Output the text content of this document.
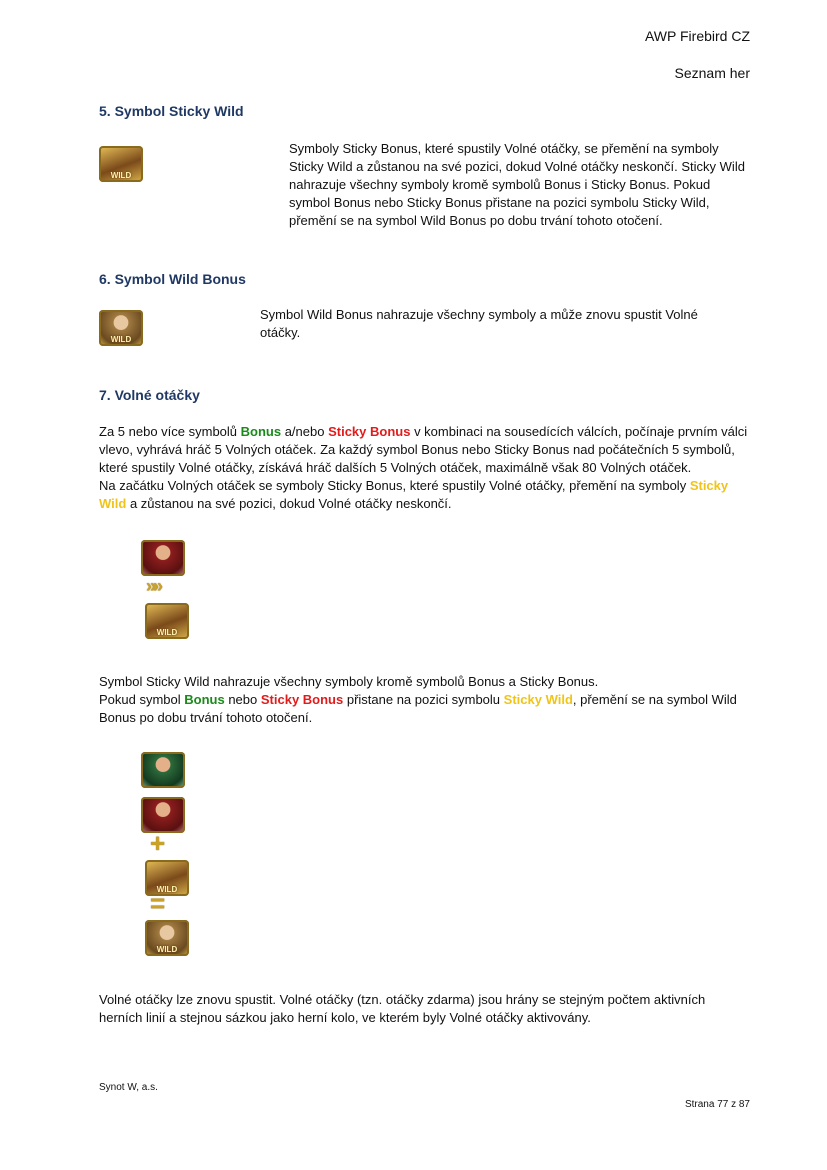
AWP Firebird CZ
Seznam her
5. Symbol Sticky Wild
WILD
Symboly Sticky Bonus, které spustily Volné otáčky, se přemění na symboly Sticky Wild a zůstanou na své pozici, dokud Volné otáčky neskončí. Sticky Wild nahrazuje všechny symboly kromě symbolů Bonus i Sticky Bonus. Pokud symbol Bonus nebo Sticky Bonus přistane na pozici symbolu Sticky Wild, přemění se na symbol Wild Bonus po dobu trvání tohoto otočení.
6. Symbol Wild Bonus
WILD
Symbol Wild Bonus nahrazuje všechny symboly a může znovu spustit Volné otáčky.
7. Volné otáčky
Za 5 nebo více symbolů Bonus a/nebo Sticky Bonus v kombinaci na sousedících válcích, počínaje prvním válci vlevo, vyhrává hráč 5 Volných otáček. Za každý symbol Bonus nebo Sticky Bonus nad počátečních 5 symbolů, které spustily Volné otáčky, získává hráč dalších 5 Volných otáček, maximálně však 80 Volných otáček.
Na začátku Volných otáček se symboly Sticky Bonus, které spustily Volné otáčky, přemění na symboly Sticky Wild a zůstanou na své pozici, dokud Volné otáčky neskončí.
»»
WILD
Symbol Sticky Wild nahrazuje všechny symboly kromě symbolů Bonus a Sticky Bonus.
Pokud symbol Bonus nebo Sticky Bonus přistane na pozici symbolu Sticky Wild, přemění se na symbol Wild Bonus po dobu trvání tohoto otočení.
+
WILD
=
WILD
Volné otáčky lze znovu spustit. Volné otáčky (tzn. otáčky zdarma) jsou hrány se stejným počtem aktivních herních linií a stejnou sázkou jako herní kolo, ve kterém byly Volné otáčky aktivovány.
Synot W, a.s.
Strana 77 z 87
